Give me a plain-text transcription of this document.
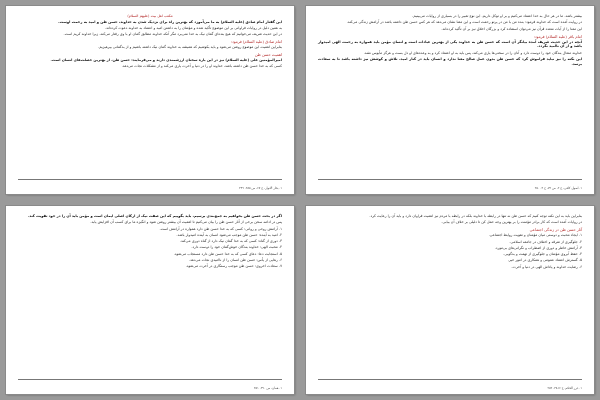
مکتب اهل بیت (علیهم السلام)

این گفتار امام صادق (علیه السلام) به ما می‌آموزد که بهترین راه برای نزدیک شدن به خداوند، حسن ظن و امید به رحمت اوست.

به همین دلیل در روایات فراوانی بر این موضوع تأکید شده و مؤمنان را به داشتن امید و اعتماد به خداوند دعوت کرده‌اند.

در این حدیث شریف می‌خوانیم که هیچ بنده‌ای گمان نیک به خدا نمی‌برد مگر آنکه خداوند مطابق گمان او با وی رفتار می‌کند، زیرا خداوند کریم است.

امام صادق (علیه السلام) فرمود:

بنابراین اهمیت این موضوع روشن می‌شود و باید بکوشیم که همیشه به خداوند گمان نیک داشته باشیم و از بدگمانی بپرهیزیم.

اهمیت حسن ظن

امیرالمؤمنین علی (علیه السلام) نیز در این باره سخنان ارزشمندی دارند و می‌فرمایند: حسن ظن، از بهترین خصلت‌های انسان است.

کسی که به خدا حسن ظن داشته باشد، خداوند او را در دنیا و آخرت یاری می‌کند و از مشکلات نجات می‌دهد.

۱. بحار الانوار، ج ۶۷، ص ۳۸۵. ۲۴۹

بیشتر باشد. ما در هر حال به خدا اعتماد می‌کنیم و بر او توکل داریم. این نوع تعبیر را در بسیاری از روایات می‌بینیم.

در روایت آمده است که خداوند فرمود: بنده من با من در پرتو رحمت است و این معنا نشان می‌دهد که هر کس حسن ظن داشته باشد در آرامش زندگی می‌کند.

این معنا را از آیات متعدد قرآن نیز می‌توان استفاده کرد و بزرگان اخلاق نیز بر آن تأکید کرده‌اند.

امام باقر (علیه السلام) فرمود:

آنچه در این حدیث شریف آمده بیانگر آن است که حسن ظن به خداوند یکی از بهترین عبادات است و انسان مؤمن باید همواره به رحمت الهی امیدوار باشد و از آن ناامید نگردد.

خداوند متعال بندگان خود را دوست دارد و آنان را در سختی‌ها یاری می‌کند، پس باید به او اعتماد کرد و به وعده‌های او دل بست و هرگز مأیوس نشد.

این نکته را نیز نباید فراموش کرد که حسن ظن بدون عمل صالح معنا ندارد و انسان باید در کنار امید، تلاش و کوشش نیز داشته باشد تا به سعادت برسد.

۱. اصول کافی، ج ۲، ص ۷۲، ح ۳. ۲۵۰

اگر در بحث حسن ظن بخواهیم به جمع‌بندی برسیم، باید بگوییم که این صفت نیک از ارکان اصلی ایمان است و مؤمن باید آن را در خود تقویت کند.

پس در ادامه سخن برخی از آثار حسن ظن را بیان می‌کنیم تا اهمیت آن بیشتر روشن شود و انگیزه ما برای کسب آن افزایش یابد.

۱. آرامش روحی و روانی: کسی که به خدا حسن ظن دارد همواره در آرامش است.

۲. امید به آینده: حسن ظن موجب می‌شود انسان به آینده امیدوار باشد.

۳. دوری از گناه: کسی که به خدا گمان نیک دارد از گناه دوری می‌کند.

۴. محبت الهی: خداوند بندگان خوش‌گمان خود را دوست دارد.

۵. استجابت دعا: دعای کسی که به خدا حسن ظن دارد مستجاب می‌شود.

۶. رهایی از یأس: حسن ظن انسان را از ناامیدی نجات می‌دهد.

۷. سعادت اخروی: حسن ظن موجب رستگاری در آخرت می‌شود.

۱. همان، ص ۳۹۰. ۲۵۱

بنابراین باید به این نکته توجه کنیم که حسن ظن نه تنها در رابطه با خداوند بلکه در رابطه با مردم نیز اهمیت فراوان دارد و باید آن را رعایت کرد.

در روایات آمده است که کار برادر مؤمنت را بر بهترین وجه حمل کن تا دلیلی بر خلاف آن بیابی.

آثار حسن ظن در زندگی اجتماعی

۱. ایجاد محبت و دوستی میان مؤمنان و تقویت روابط اجتماعی.

۲. جلوگیری از تفرقه و اختلاف در جامعه اسلامی.

۳. آرامش خاطر و دوری از اضطراب و نگرانی‌های بی‌مورد.

۴. حفظ آبروی مؤمنان و جلوگیری از تهمت و بدگویی.

۵. گسترش اعتماد عمومی و همکاری در امور خیر.

۶. رضایت خداوند و پاداش الهی در دنیا و آخرت.

۱. غرر الحکم، ح ۴۸۱۶. ۲۵۲
